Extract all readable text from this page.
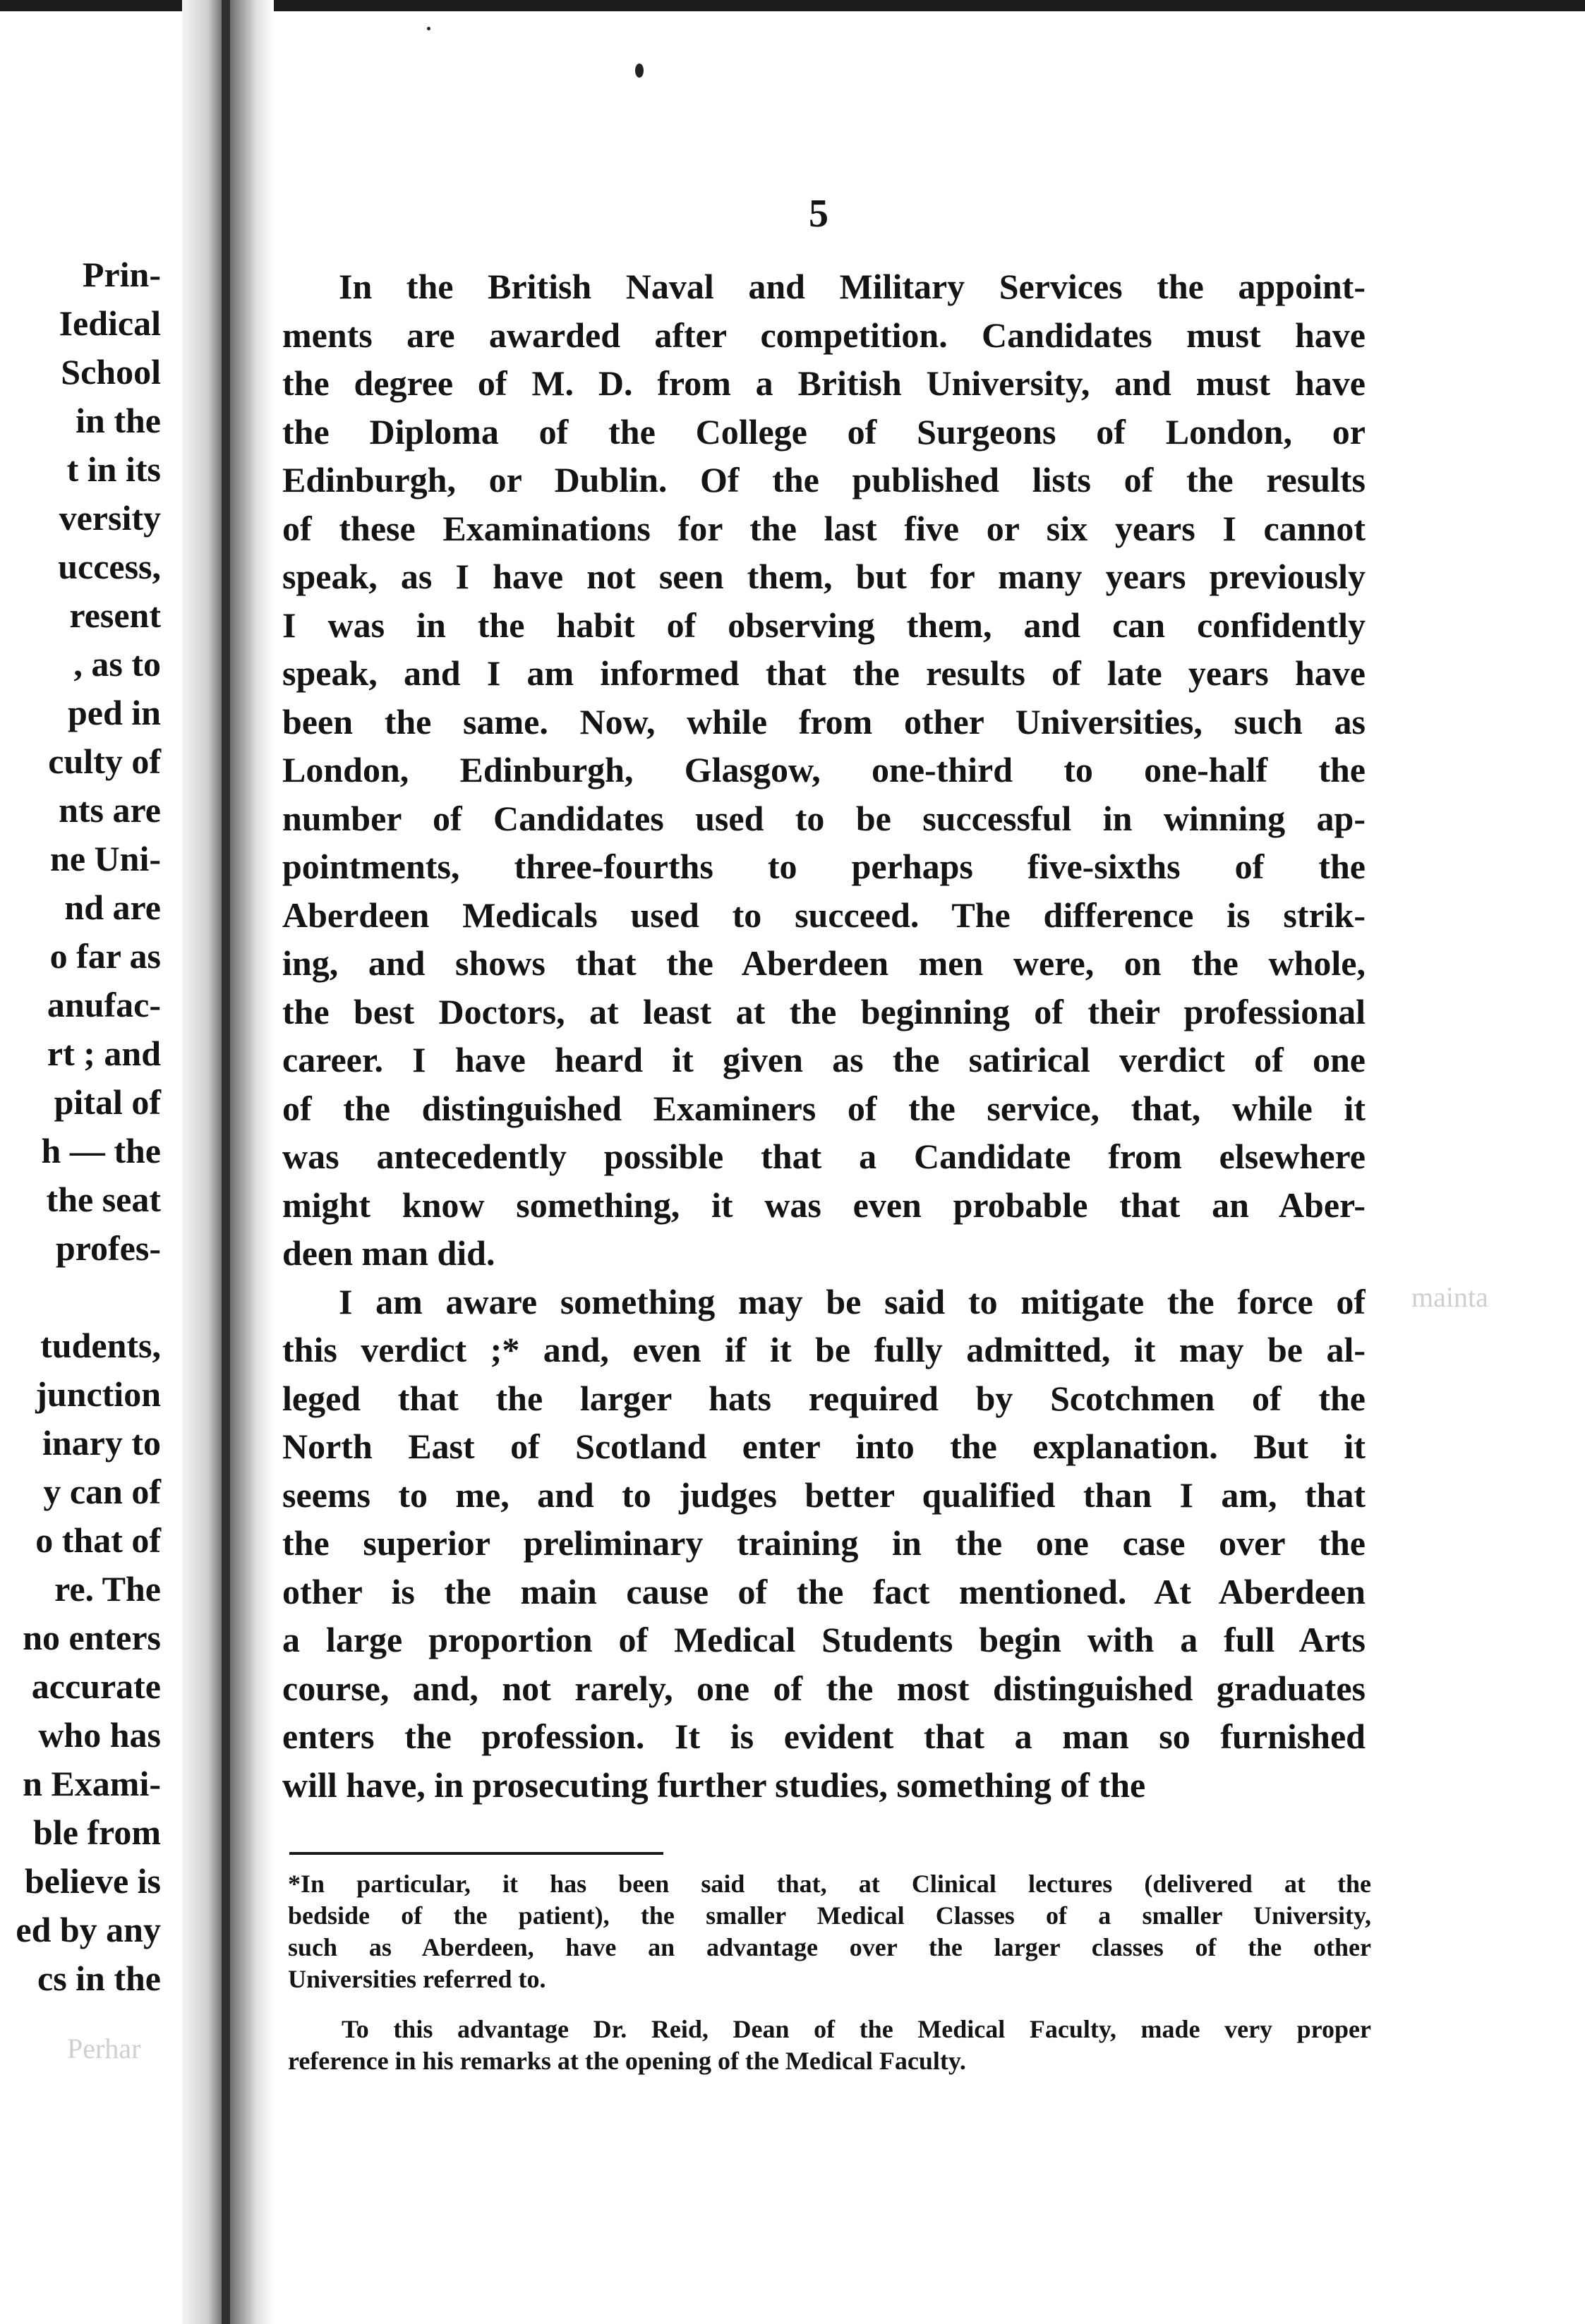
Prin-
Iedical
School
in the
t in its
versity
uccess,
resent
, as to
ped in
culty of
nts are
ne Uni-
nd are
o far as
anufac-
rt ; and
pital of
h — the
the seat
profes-
tudents,
junction
inary to
y can of
o that of
re. The
no enters
accurate
who has
n Exami-
ble from
believe is
ed by any
cs in the
mainta
Perhar
5
In the British Naval and Military Services the appoint-
ments are awarded after competition. Candidates must have
the degree of M. D. from a British University, and must have
the Diploma of the College of Surgeons of London, or
Edinburgh, or Dublin. Of the published lists of the results
of these Examinations for the last five or six years I cannot
speak, as I have not seen them, but for many years previously
I was in the habit of observing them, and can confidently
speak, and I am informed that the results of late years have
been the same. Now, while from other Universities, such as
London, Edinburgh, Glasgow, one-third to one-half the
number of Candidates used to be successful in winning ap-
pointments, three-fourths to perhaps five-sixths of the
Aberdeen Medicals used to succeed. The difference is strik-
ing, and shows that the Aberdeen men were, on the whole,
the best Doctors, at least at the beginning of their professional
career. I have heard it given as the satirical verdict of one
of the distinguished Examiners of the service, that, while it
was antecedently possible that a Candidate from elsewhere
might know something, it was even probable that an Aber-
deen man did.
I am aware something may be said to mitigate the force of
this verdict ;* and, even if it be fully admitted, it may be al-
leged that the larger hats required by Scotchmen of the
North East of Scotland enter into the explanation. But it
seems to me, and to judges better qualified than I am, that
the superior preliminary training in the one case over the
other is the main cause of the fact mentioned. At Aberdeen
a large proportion of Medical Students begin with a full Arts
course, and, not rarely, one of the most distinguished graduates
enters the profession. It is evident that a man so furnished
will have, in prosecuting further studies, something of the
*In particular, it has been said that, at Clinical lectures (delivered at the
bedside of the patient), the smaller Medical Classes of a smaller University,
such as Aberdeen, have an advantage over the larger classes of the other
Universities referred to.
To this advantage Dr. Reid, Dean of the Medical Faculty, made very proper
reference in his remarks at the opening of the Medical Faculty.
